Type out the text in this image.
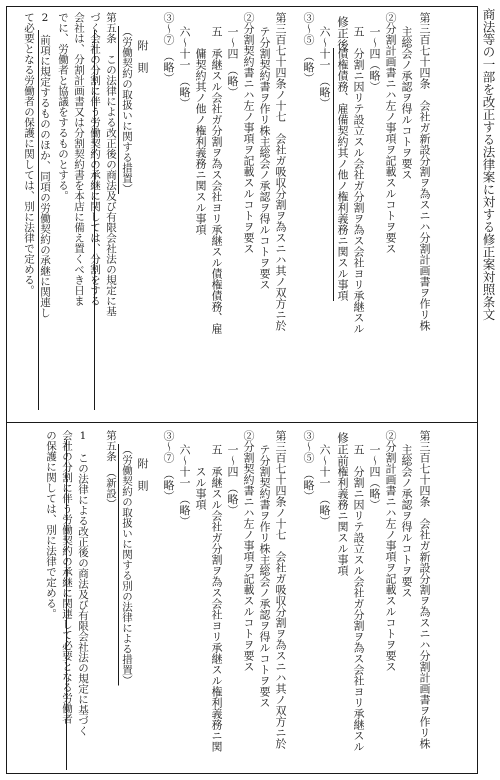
商法等の一部を改正する法律案に対する修正案対照条文
修正後
修正前
第三百七十四条　会社ガ新設分割ヲ為スニハ分割計画書ヲ作リ株
主総会ノ承認ヲ得ルコトヲ要ス
②分割計画書ニハ左ノ事項ヲ記載スルコトヲ要ス
一〜四（略）
五　分割ニ因リテ設立スル会社ガ分割ヲ為ス会社ヨリ承継スル
債権債務、雇備契約其ノ他ノ権利義務ニ関スル事項
六〜十一　（略）
③〜⑤　（略）
第三百七十四条ノ十七　会社ガ吸収分割ヲ為スニハ其ノ双方ニ於
テ分割契約書ヲ作リ株主総会ノ承認ヲ得ルコトヲ要ス
②分割契約書ニハ左ノ事項ヲ記載スルコトヲ要ス
一〜四　（略）
五　承継スル会社ガ分割ヲ為ス会社ヨリ承継スル債権債務、雇
傭契約其ノ他ノ権利義務ニ関スル事項
六〜十一　（略）
③〜⑦　（略）
附　則
（労働契約の取扱いに関する措置）
第五条　この法律による改正後の商法及び有限会社法の規定に基
づく会社の分割に伴う労働契約の承継に関しては、分割をする
会社は、分割計画書又は分割契約書を本店に備え置くべき日ま
でに、労働者と協議をするものとする。
2　前項に規定するもののほか、同項の労働契約の承継に関連し
て必要となる労働者の保護に関しては、別に法律で定める。
第三百七十四条　会社ガ新設分割ヲ為スニハ分割計画書ヲ作リ株
主総会ノ承認ヲ得ルコトヲ要ス
②分割計画書ニハ左ノ事項ヲ記載スルコトヲ要ス
一〜四（略）
五　分割ニ因リテ設立スル会社ガ分割ヲ為ス会社ヨリ承継スル
権利義務ニ関スル事項
六〜十一　（略）
③〜⑤　（略）
第三百七十四条ノ十七　会社ガ吸収分割ヲ為スニハ其ノ双方ニ於
テ分割契約書ヲ作リ株主総会ノ承認ヲ得ルコトヲ要ス
②分割契約書ニハ左ノ事項ヲ記載スルコトヲ要ス
一〜四　（略）
五　承継スル会社ガ分割ヲ為ス会社ヨリ承継スル権利義務ニ関
スル事項
六〜十一　（略）
③〜⑦　（略）
附　則
（労働契約の取扱いに関する別の法律による措置）
第五条　（新設）
1　この法律による改正後の商法及び有限会社法の規定に基づく
会社の分割に伴う労働契約の承継に関連して必要となる労働者
の保護に関しては、別に法律で定める。
